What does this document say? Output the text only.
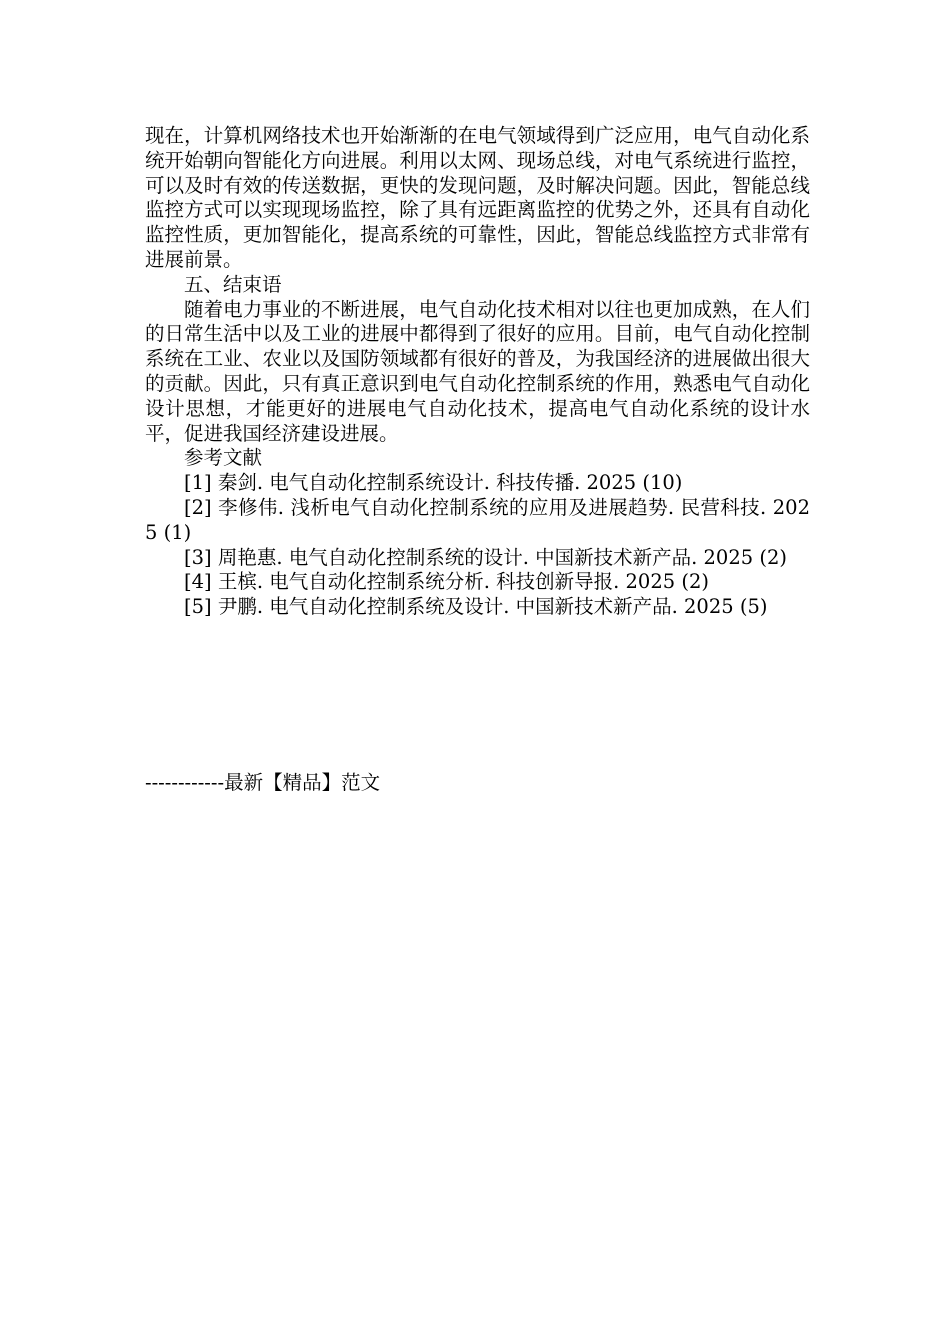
现在，计算机网络技术也开始渐渐的在电气领域得到广泛应用，电气自动化系统开始朝向智能化方向进展。利用以太网、现场总线，对电气系统进行监控，可以及时有效的传送数据，更快的发现问题，及时解决问题。因此，智能总线监控方式可以实现现场监控，除了具有远距离监控的优势之外，还具有自动化监控性质，更加智能化，提高系统的可靠性，因此，智能总线监控方式非常有进展前景。

五、结束语

随着电力事业的不断进展，电气自动化技术相对以往也更加成熟，在人们的日常生活中以及工业的进展中都得到了很好的应用。目前，电气自动化控制系统在工业、农业以及国防领域都有很好的普及，为我国经济的进展做出很大的贡献。因此，只有真正意识到电气自动化控制系统的作用，熟悉电气自动化设计思想，才能更好的进展电气自动化技术，提高电气自动化系统的设计水平，促进我国经济建设进展。

参考文献

[1] 秦剑. 电气自动化控制系统设计. 科技传播. 2025 (10)

[2] 李修伟. 浅析电气自动化控制系统的应用及进展趋势. 民营科技. 2025 (1)

[3] 周艳惠. 电气自动化控制系统的设计. 中国新技术新产品. 2025 (2)

[4] 王槟. 电气自动化控制系统分析. 科技创新导报. 2025 (2)

[5] 尹鹏. 电气自动化控制系统及设计. 中国新技术新产品. 2025 (5)

------------最新【精品】范文
